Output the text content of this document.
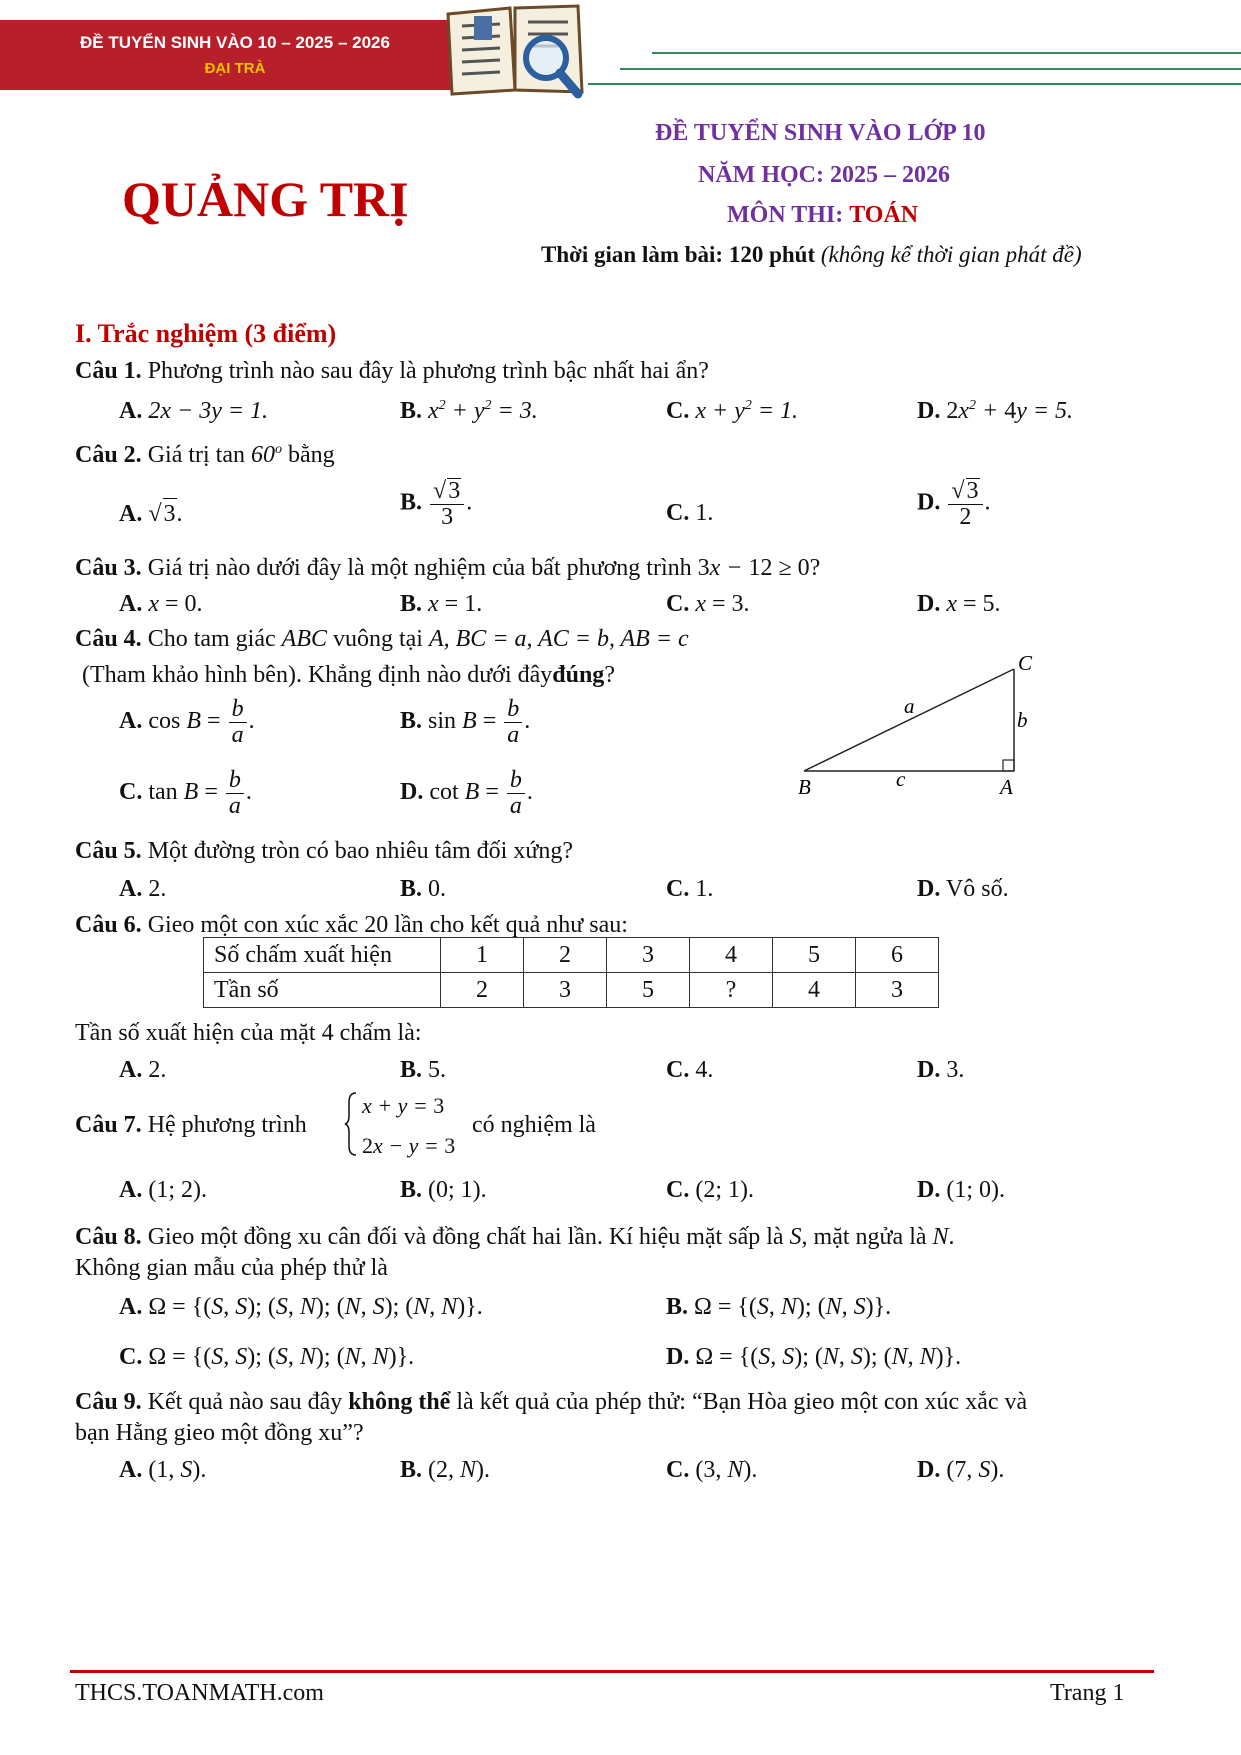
ĐỀ TUYỂN SINH VÀO 10 – 2025 – 2026
ĐẠI TRÀ
QUẢNG TRỊ
ĐỀ TUYỂN SINH VÀO LỚP 10
NĂM HỌC: 2025 – 2026
MÔN THI: TOÁN
Thời gian làm bài: 120 phút (không kể thời gian phát đề)
I. Trắc nghiệm (3 điểm)
Câu 1. Phương trình nào sau đây là phương trình bậc nhất hai ẩn?
A. 2x − 3y = 1.	B. $x^2 + y^2 = 3$.	C. $x + y^2 = 1$.	D. $2x^2 + 4y = 5$.
Câu 2. Giá trị tan 60$^o$ bằng
A. √3.	B. $\frac{√3}{3}$ .	C. 1.	D. $\frac{√3}{2}$ .
Câu 3. Giá trị nào dưới đây là một nghiệm của bất phương trình 3x − 12 ≥ 0?
A. x = 0.	B. x = 1.	C. x = 3.	D. x = 5.
Câu 4. Cho tam giác ABC vuông tại A, BC = a, AC = b, AB = c
(Tham khảo hình bên). Khẳng định nào dưới đâyđúng?
A. $\cos B = \frac{b}{a}$ .	B. $\sin B = \frac{b}{a}$ .
C. $\tan B = \frac{b}{a}$ .	D. $\cot B = \frac{b}{a}$ .
C
A
B
a
b
c
Câu 5. Một đường tròn có bao nhiêu tâm đối xứng?
A. 2.	B. 0.	C. 1.	D. Vô số.
Câu 6. Gieo một con xúc xắc 20 lần cho kết quả như sau:
Số chấm xuất hiện	1	2	3	4	5	6
Tần số	2	3	5	?	4	3
Tần số xuất hiện của mặt 4 chấm là:
A. 2.	B. 5.	C. 4.	D. 3.
Câu 7. Hệ phương trình
x + y = 3
2x − y = 3
có nghiệm là
A. (1; 2).	B. (0; 1).	C. (2; 1).	D. (1; 0).
Câu 8. Gieo một đồng xu cân đối và đồng chất hai lần. Kí hiệu mặt sấp là S, mặt ngửa là N.
Không gian mẫu của phép thử là
A. Ω = {(S, S); (S, N); (N, S); (N, N)}.	B. Ω = {(S, N); (N, S)}.
C. Ω = {(S, S); (S, N); (N, N)}.	D. Ω = {(S, S); (N, S); (N, N)}.
Câu 9. Kết quả nào sau đây không thể là kết quả của phép thử: “Bạn Hòa gieo một con xúc xắc và
bạn Hằng gieo một đồng xu”?
A. (1, S).	B. (2, N).	C. (3, N).	D. (7, S).
THCS.TOANMATH.com	Trang 1
